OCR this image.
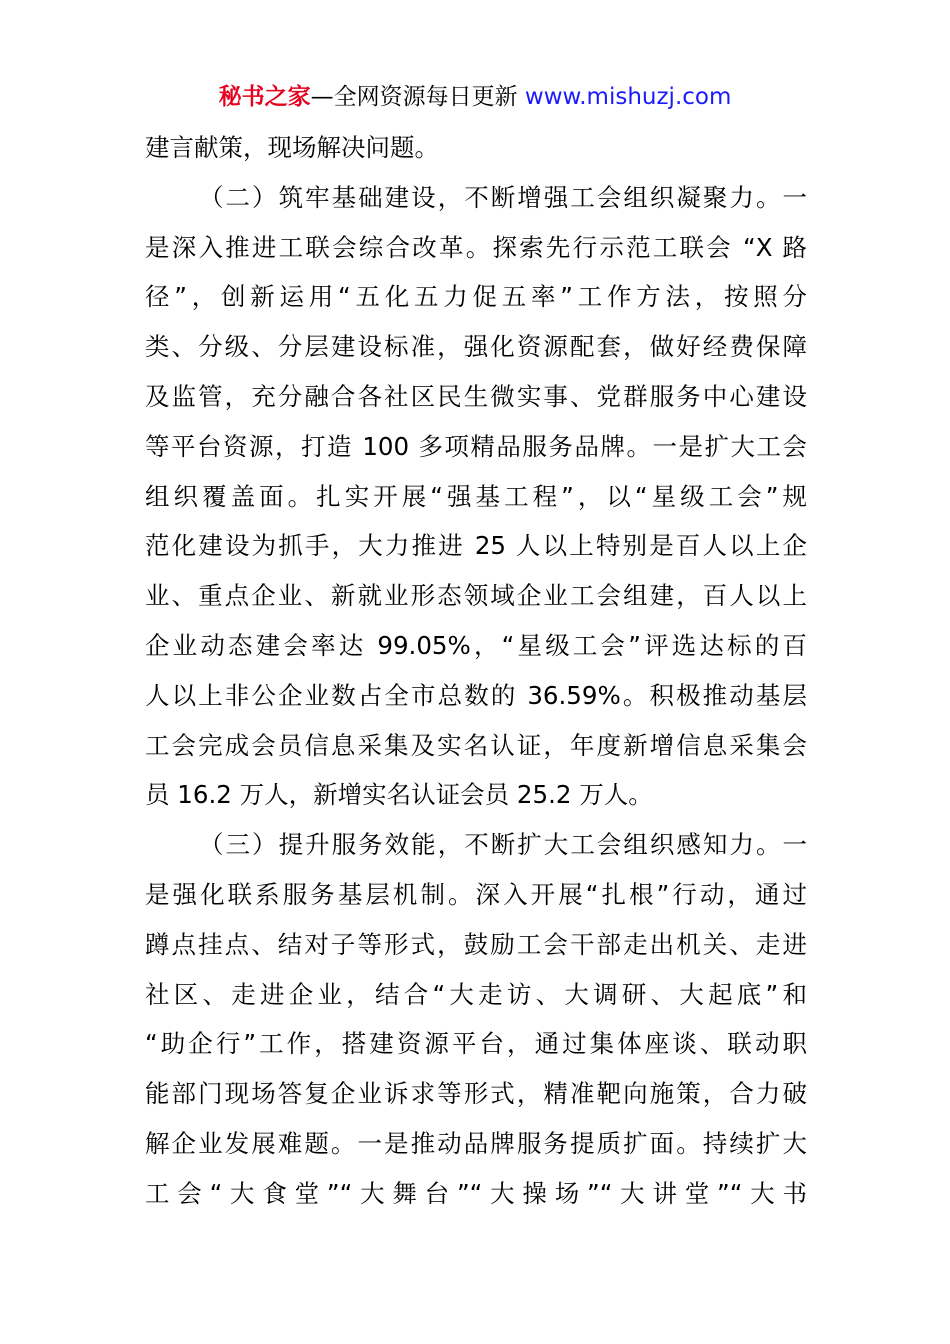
秘书之家—全网资源每日更新 www.mishuzj.com
建言献策，现场解决问题。
（二）筑牢基础建设，不断增强工会组织凝聚力。一
是深入推进工联会综合改革。探索先行示范工联会 “X 路
径”，创新运用“五化五力促五率”工作方法，按照分
类、分级、分层建设标准，强化资源配套，做好经费保障
及监管，充分融合各社区民生微实事、党群服务中心建设
等平台资源，打造 100 多项精品服务品牌。一是扩大工会
组织覆盖面。扎实开展“强基工程”，以“星级工会”规
范化建设为抓手，大力推进 25 人以上特别是百人以上企
业、重点企业、新就业形态领域企业工会组建，百人以上
企业动态建会率达 99.05%，“星级工会”评选达标的百
人以上非公企业数占全市总数的 36.59%。积极推动基层
工会完成会员信息采集及实名认证，年度新增信息采集会
员 16.2 万人，新增实名认证会员 25.2 万人。
（三）提升服务效能，不断扩大工会组织感知力。一
是强化联系服务基层机制。深入开展“扎根”行动，通过
蹲点挂点、结对子等形式，鼓励工会干部走出机关、走进
社区、走进企业，结合“大走访、大调研、大起底”和
“助企行”工作，搭建资源平台，通过集体座谈、联动职
能部门现场答复企业诉求等形式，精准靶向施策，合力破
解企业发展难题。一是推动品牌服务提质扩面。持续扩大
工会“大食堂”“大舞台”“大操场”“大讲堂”“大书
